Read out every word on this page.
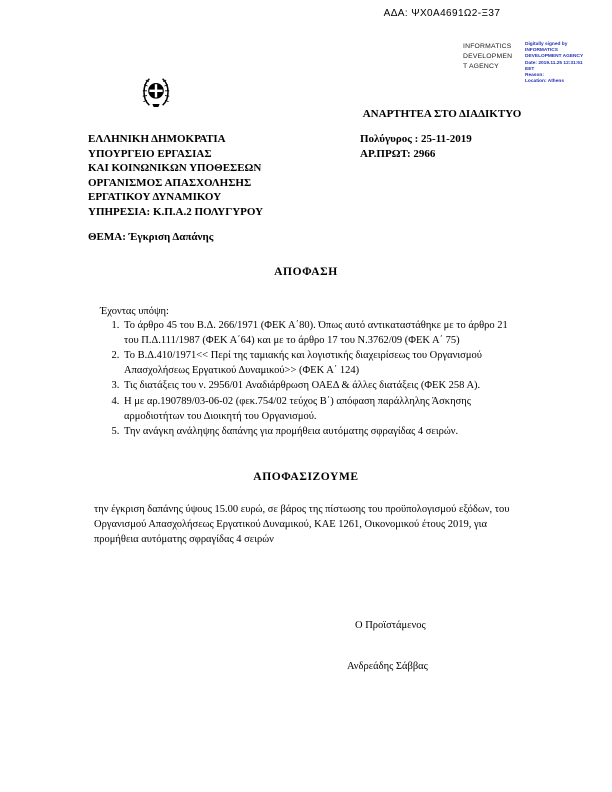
ΑΔΑ: ΨΧ0Α4691Ω2-Ξ37
INFORMATICS
DEVELOPMEN
T AGENCY
Digitally signed by
INFORMATICS
DEVELOPMENT AGENCY
Date: 2019.11.25 12:31:51
EET
Reason:
Location: Athens
ΑΝΑΡΤΗΤΕΑ ΣΤΟ ΔΙΑΔΙΚΤΥΟ
ΕΛΛΗΝΙΚΗ ΔΗΜΟΚΡΑΤΙΑ
ΥΠΟΥΡΓΕΙΟ ΕΡΓΑΣΙΑΣ
ΚΑΙ ΚΟΙΝΩΝΙΚΩΝ ΥΠΟΘΕΣΕΩΝ
ΟΡΓΑΝΙΣΜΟΣ ΑΠΑΣΧΟΛΗΣΗΣ
ΕΡΓΑΤΙΚΟΥ ΔΥΝΑΜΙΚΟΥ
ΥΠΗΡΕΣΙΑ: Κ.Π.Α.2 ΠΟΛΥΓΥΡΟΥ
Πολύγυρος : 25-11-2019
ΑΡ.ΠΡΩΤ: 2966
ΘΕΜΑ: Έγκριση Δαπάνης
ΑΠΟΦΑΣΗ
Έχοντας υπόψη:
1. Το άρθρο 45 του Β.Δ. 266/1971 (ΦΕΚ Α΄80). Όπως αυτό αντικαταστάθηκε με το άρθρο 21 του Π.Δ.111/1987 (ΦΕΚ Α΄64) και με το άρθρο 17 του Ν.3762/09 (ΦΕΚ Α΄ 75)
2. Το Β.Δ.410/1971<< Περί της ταμιακής και λογιστικής διαχειρίσεως του Οργανισμού Απασχολήσεως Εργατικού Δυναμικού>> (ΦΕΚ Α΄ 124)
3. Τις διατάξεις του ν. 2956/01 Αναδιάρθρωση ΟΑΕΔ & άλλες διατάξεις (ΦΕΚ 258 Α).
4. Η με αρ.190789/03-06-02 (φεκ.754/02 τεύχος Β΄) απόφαση παράλληλης Άσκησης αρμοδιοτήτων του Διοικητή του Οργανισμού.
5. Την ανάγκη ανάληψης δαπάνης για προμήθεια αυτόματης σφραγίδας 4 σειρών.
ΑΠΟΦΑΣΙΖΟΥΜΕ
την έγκριση δαπάνης ύψους 15.00 ευρώ, σε βάρος της πίστωσης του προϋπολογισμού εξόδων, του Οργανισμού Απασχολήσεως Εργατικού Δυναμικού, ΚΑΕ 1261, Οικονομικού έτους 2019, για προμήθεια αυτόματης σφραγίδας 4 σειρών
Ο Προϊστάμενος
Ανδρεάδης Σάββας
